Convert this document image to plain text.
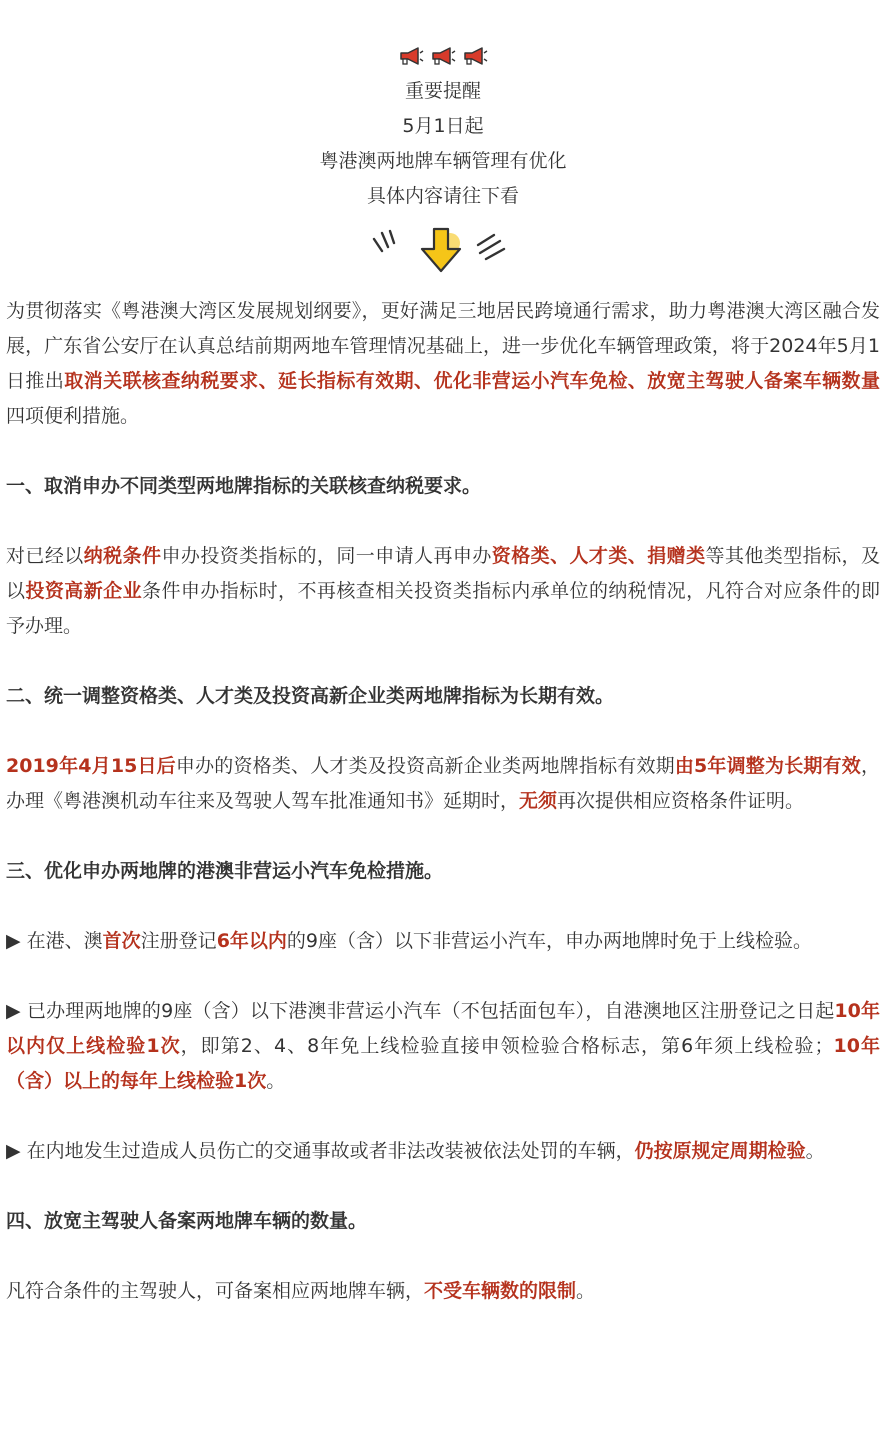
重要提醒
5月1日起
粤港澳两地牌车辆管理有优化
具体内容请往下看

为贯彻落实《粤港澳大湾区发展规划纲要》，更好满足三地居民跨境通行需求，助力粤港澳大湾区融合发展，广东省公安厅在认真总结前期两地车管理情况基础上，进一步优化车辆管理政策，将于2024年5月1日推出取消关联核查纳税要求、延长指标有效期、优化非营运小汽车免检、放宽主驾驶人备案车辆数量四项便利措施。

一、取消申办不同类型两地牌指标的关联核查纳税要求。

对已经以纳税条件申办投资类指标的，同一申请人再申办资格类、人才类、捐赠类等其他类型指标，及以投资高新企业条件申办指标时，不再核查相关投资类指标内承单位的纳税情况，凡符合对应条件的即予办理。

二、统一调整资格类、人才类及投资高新企业类两地牌指标为长期有效。

2019年4月15日后申办的资格类、人才类及投资高新企业类两地牌指标有效期由5年调整为长期有效，办理《粤港澳机动车往来及驾驶人驾车批准通知书》延期时，无须再次提供相应资格条件证明。

三、优化申办两地牌的港澳非营运小汽车免检措施。

▶ 在港、澳首次注册登记6年以内的9座（含）以下非营运小汽车，申办两地牌时免于上线检验。

▶ 已办理两地牌的9座（含）以下港澳非营运小汽车（不包括面包车），自港澳地区注册登记之日起10年以内仅上线检验1次，即第2、4、8年免上线检验直接申领检验合格标志，第6年须上线检验；10年（含）以上的每年上线检验1次。

▶ 在内地发生过造成人员伤亡的交通事故或者非法改装被依法处罚的车辆，仍按原规定周期检验。

四、放宽主驾驶人备案两地牌车辆的数量。

凡符合条件的主驾驶人，可备案相应两地牌车辆，不受车辆数的限制。
